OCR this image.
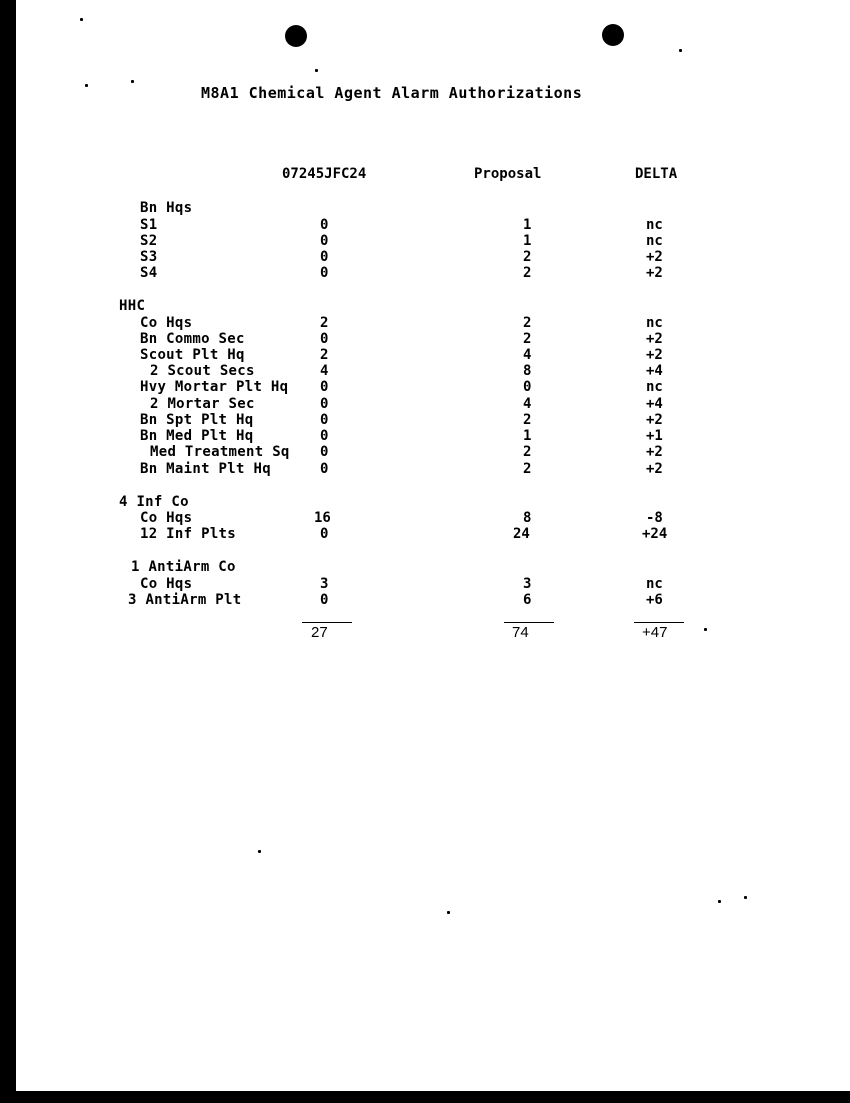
M8A1 Chemical Agent Alarm Authorizations
07245JFC24	Proposal	DELTA
Bn Hqs
S1	0	1	nc
S2	0	1	nc
S3	0	2	+2
S4	0	2	+2
HHC
Co Hqs	2	2	nc
Bn Commo Sec	0	2	+2
Scout Plt Hq	2	4	+2
2 Scout Secs	4	8	+4
Hvy Mortar Plt Hq 0	0	nc
2 Mortar Sec	0	4	+4
Bn Spt Plt Hq	0	2	+2
Bn Med Plt Hq	0	1	+1
Med Treatment Sq 0	2	+2
Bn Maint Plt Hq	0	2	+2
4 Inf Co
Co Hqs	16	8	-8
12 Inf Plts	0	24	+24
1 AntiArm Co
Co Hqs	3	3	nc
3 AntiArm Plt	0	6	+6
27	74	+47
